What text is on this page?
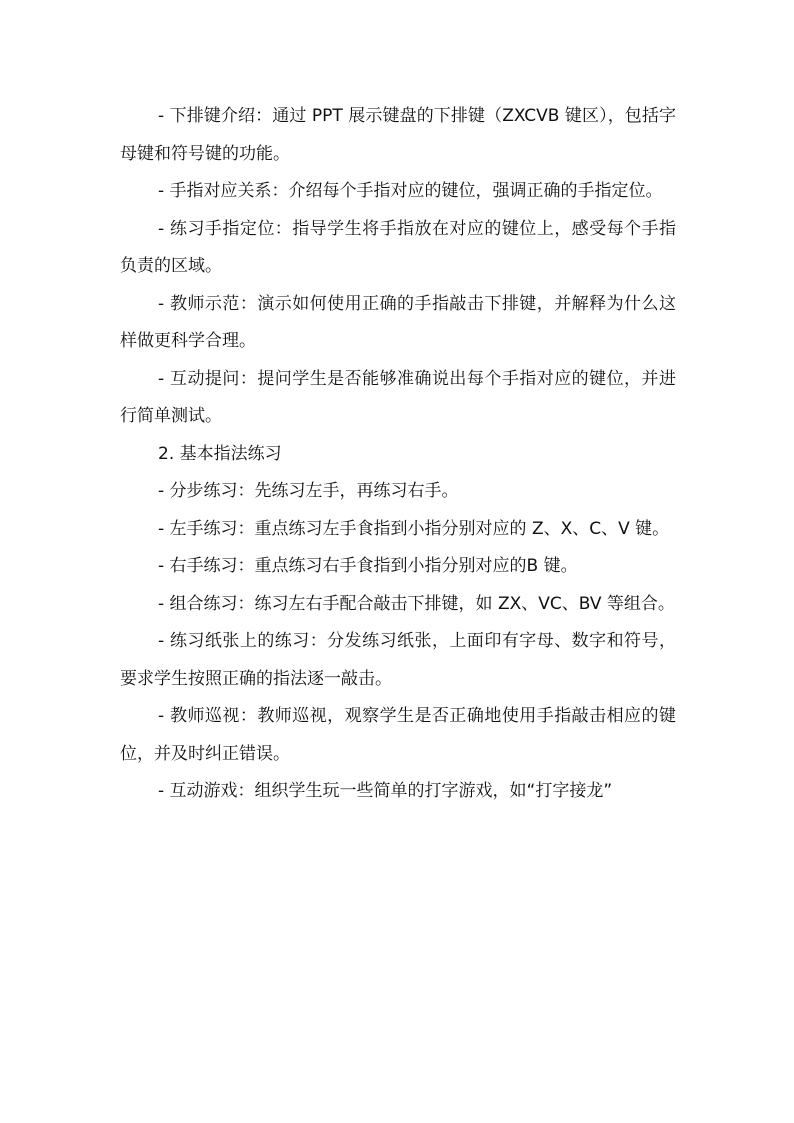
- 下排键介绍：通过 PPT 展示键盘的下排键（ZXCVB 键区），包括字母键和符号键的功能。

- 手指对应关系：介绍每个手指对应的键位，强调正确的手指定位。

- 练习手指定位：指导学生将手指放在对应的键位上，感受每个手指负责的区域。

- 教师示范：演示如何使用正确的手指敲击下排键，并解释为什么这样做更科学合理。

- 互动提问：提问学生是否能够准确说出每个手指对应的键位，并进行简单测试。

2. 基本指法练习

- 分步练习：先练习左手，再练习右手。

- 左手练习：重点练习左手食指到小指分别对应的 Z、X、C、V 键。

- 右手练习：重点练习右手食指到小指分别对应的B 键。

- 组合练习：练习左右手配合敲击下排键，如 ZX、VC、BV 等组合。

- 练习纸张上的练习：分发练习纸张，上面印有字母、数字和符号，要求学生按照正确的指法逐一敲击。

- 教师巡视：教师巡视，观察学生是否正确地使用手指敲击相应的键位，并及时纠正错误。

- 互动游戏：组织学生玩一些简单的打字游戏，如“打字接龙”
